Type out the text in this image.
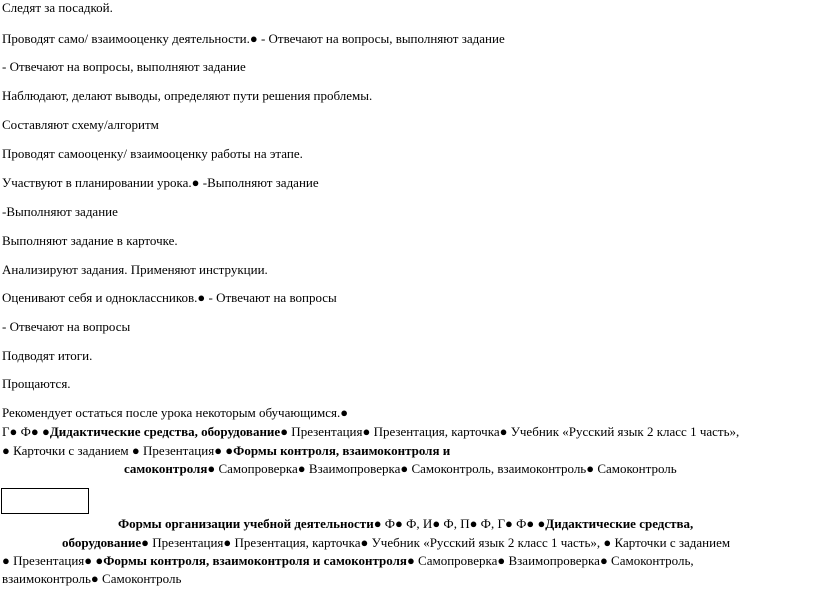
Следят за посадкой.
Проводят само/ взаимооценку деятельности.● - Отвечают на вопросы, выполняют задание
- Отвечают на вопросы, выполняют задание
Наблюдают, делают выводы, определяют пути решения проблемы.
Составляют схему/алгоритм
Проводят самооценку/ взаимооценку работы на этапе.
Участвуют в планировании урока.● -Выполняют задание
-Выполняют задание
Выполняют задание в карточке.
Анализируют задания. Применяют инструкции.
Оценивают себя и одноклассников.● - Отвечают на вопросы
- Отвечают на вопросы
Подводят итоги.
Прощаются.
Рекомендует остаться после урока некоторым обучающимся.●
Г● Ф● ●Дидактические средства, оборудование● Презентация● Презентация, карточка● Учебник «Русский язык 2 класс 1 часть»,
● Карточки с заданием ● Презентация● ●Формы контроля, взаимоконтроля и
самоконтроля● Самопроверка● Взаимопроверка● Самоконтроль, взаимоконтроль● Самоконтроль
Формы организации учебной деятельности● Ф● Ф, И● Ф, П● Ф, Г● Ф● ●Дидактические средства,
оборудование● Презентация● Презентация, карточка● Учебник «Русский язык 2 класс 1 часть», ● Карточки с заданием
● Презентация● ●Формы контроля, взаимоконтроля и самоконтроля● Самопроверка● Взаимопроверка● Самоконтроль,
взаимоконтроль● Самоконтроль
